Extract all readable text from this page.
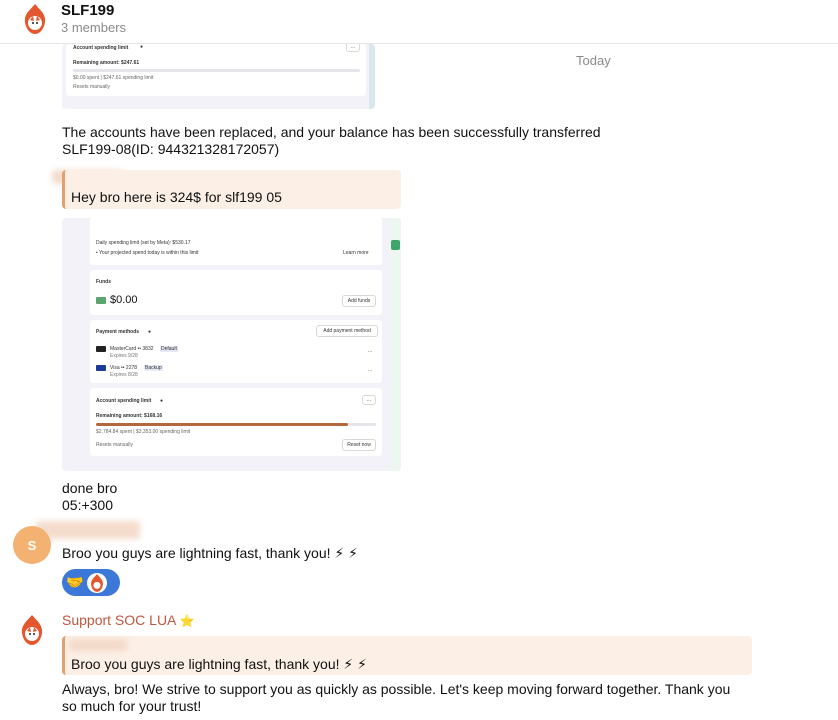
SLF199
3 members
Account spending limit ●	...
Remaining amount: $247.61
$0.00 spent | $247.61 spending limit
Resets manually
Today
The accounts have been replaced, and your balance has been successfully transferred
SLF199-08(ID: 944321328172057)
Hey bro here is 324$ for slf199 05
Daily spending limit (set by Meta): $530.17
• Your projected spend today is within this limit	Learn more
Funds
$0.00	Add funds
Payment methods ●	Add payment method
MasterCard •• 3832 Default
Expires 9/28
...
Visa •• 2278 Backup
Expires 8/28
...
Account spending limit ●	...
Remaining amount: $168.16
$2,784.84 spent | $3,353.00 spending limit
Resets manually	Reset now
done bro
05:+300
S	Broo you guys are lightning fast, thank you! ⚡ ⚡
🤝
Support SOC LUA ⭐
Broo you guys are lightning fast, thank you! ⚡ ⚡
Always, bro! We strive to support you as quickly as possible. Let's keep moving forward together. Thank you
so much for your trust!
